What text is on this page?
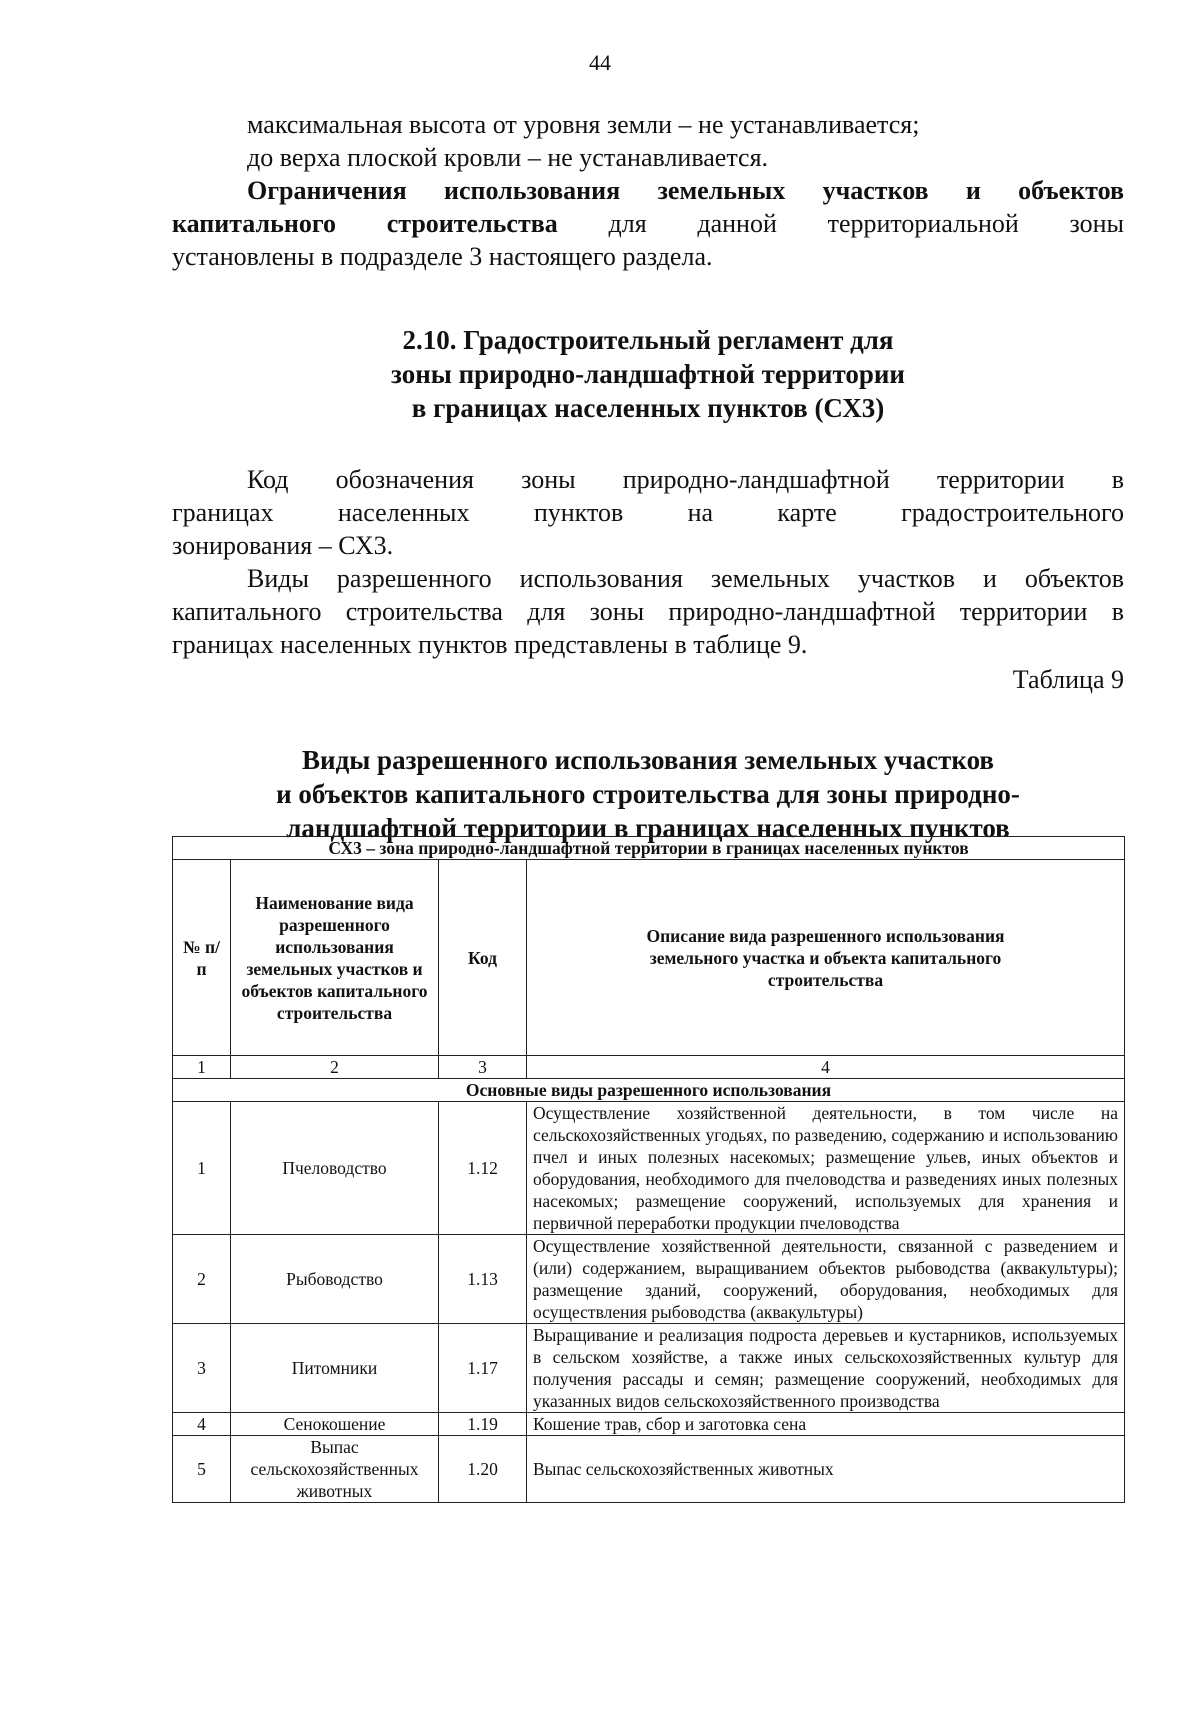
44

максимальная высота от уровня земли – не устанавливается;

до верха плоской кровли – не устанавливается.

Ограничения использования земельных участков и объектов

капитального строительства для данной территориальной зоны

установлены в подразделе 3 настоящего раздела.

2.10. Градостроительный регламент для
зоны природно-ландшафтной территории
в границах населенных пунктов (СХ3)

Код обозначения зоны природно-ландшафтной территории в

границах населенных пунктов на карте градостроительного

зонирования – СХ3.

Виды разрешенного использования земельных участков и объектов капитального строительства для зоны природно-ландшафтной территории в границах населенных пунктов представлены в таблице 9.

Таблица 9

Виды разрешенного использования земельных участков
и объектов капитального строительства для зоны природно-
ландшафтной территории в границах населенных пунктов

СХ3 – зона природно-ландшафтной территории в границах населенных пунктов			
№ п/п	Наименование вида разрешенного использования земельных участков и объектов капитального строительства	Код	Описание вида разрешенного использования земельного участка и объекта капитального строительства
1	2	3	4
Основные виды разрешенного использования			
1	Пчеловодство	1.12	Осуществление хозяйственной деятельности, в том числе на сельскохозяйственных угодьях, по разведению, содержанию и использованию пчел и иных полезных насекомых; размещение ульев, иных объектов и оборудования, необходимого для пчеловодства и разведениях иных полезных насекомых; размещение сооружений, используемых для хранения и первичной переработки продукции пчеловодства
2	Рыбоводство	1.13	Осуществление хозяйственной деятельности, связанной с разведением и (или) содержанием, выращиванием объектов рыбоводства (аквакультуры); размещение зданий, сооружений, оборудования, необходимых для осуществления рыбоводства (аквакультуры)
3	Питомники	1.17	Выращивание и реализация подроста деревьев и кустарников, используемых в сельском хозяйстве, а также иных сельскохозяйственных культур для получения рассады и семян; размещение сооружений, необходимых для указанных видов сельскохозяйственного производства
4	Сенокошение	1.19	Кошение трав, сбор и заготовка сена
5	Выпас сельскохозяйственных животных	1.20	Выпас сельскохозяйственных животных
